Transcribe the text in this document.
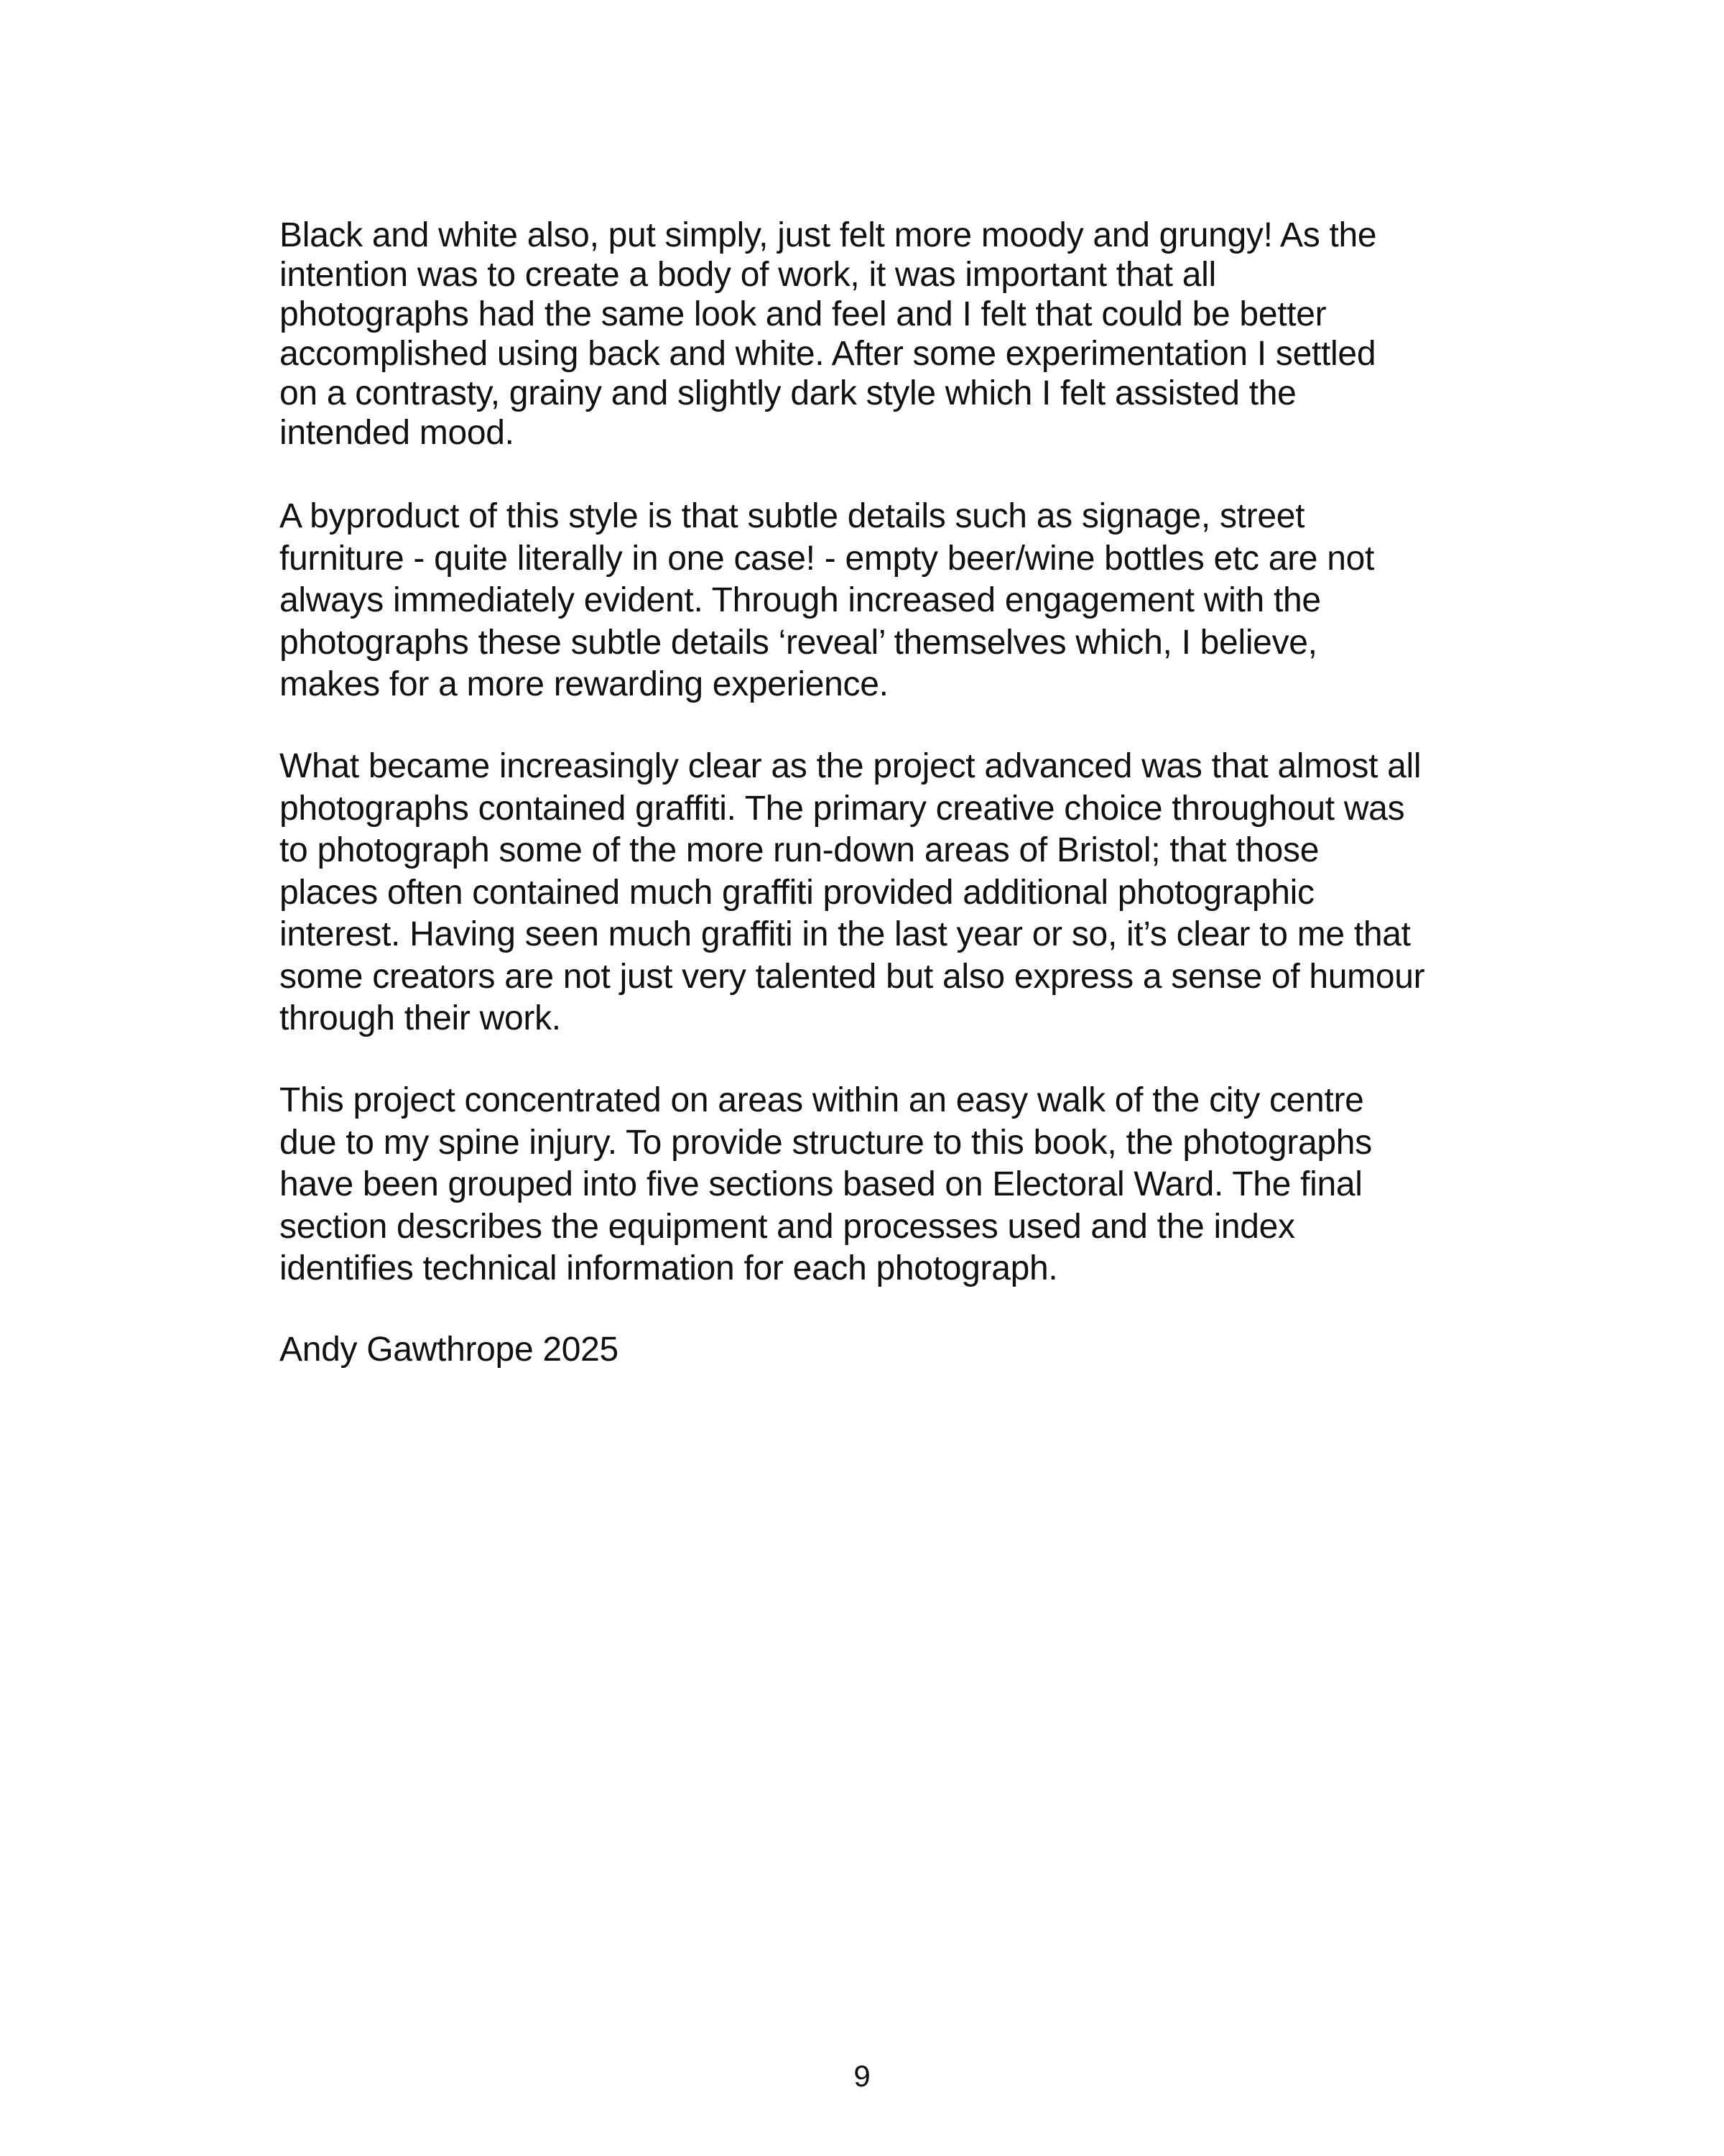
Black and white also, put simply, just felt more moody and grungy! As the
intention was to create a body of work, it was important that all
photographs had the same look and feel and I felt that could be better
accomplished using back and white. After some experimentation I settled
on a contrasty, grainy and slightly dark style which I felt assisted the
intended mood.
A byproduct of this style is that subtle details such as signage, street
furniture - quite literally in one case! - empty beer/wine bottles etc are not
always immediately evident. Through increased engagement with the
photographs these subtle details ‘reveal’ themselves which, I believe,
makes for a more rewarding experience.
What became increasingly clear as the project advanced was that almost all
photographs contained graffiti. The primary creative choice throughout was
to photograph some of the more run-down areas of Bristol; that those
places often contained much graffiti provided additional photographic
interest. Having seen much graffiti in the last year or so, it’s clear to me that
some creators are not just very talented but also express a sense of humour
through their work.
This project concentrated on areas within an easy walk of the city centre
due to my spine injury. To provide structure to this book, the photographs
have been grouped into five sections based on Electoral Ward. The final
section describes the equipment and processes used and the index
identifies technical information for each photograph.
Andy Gawthrope 2025
9
